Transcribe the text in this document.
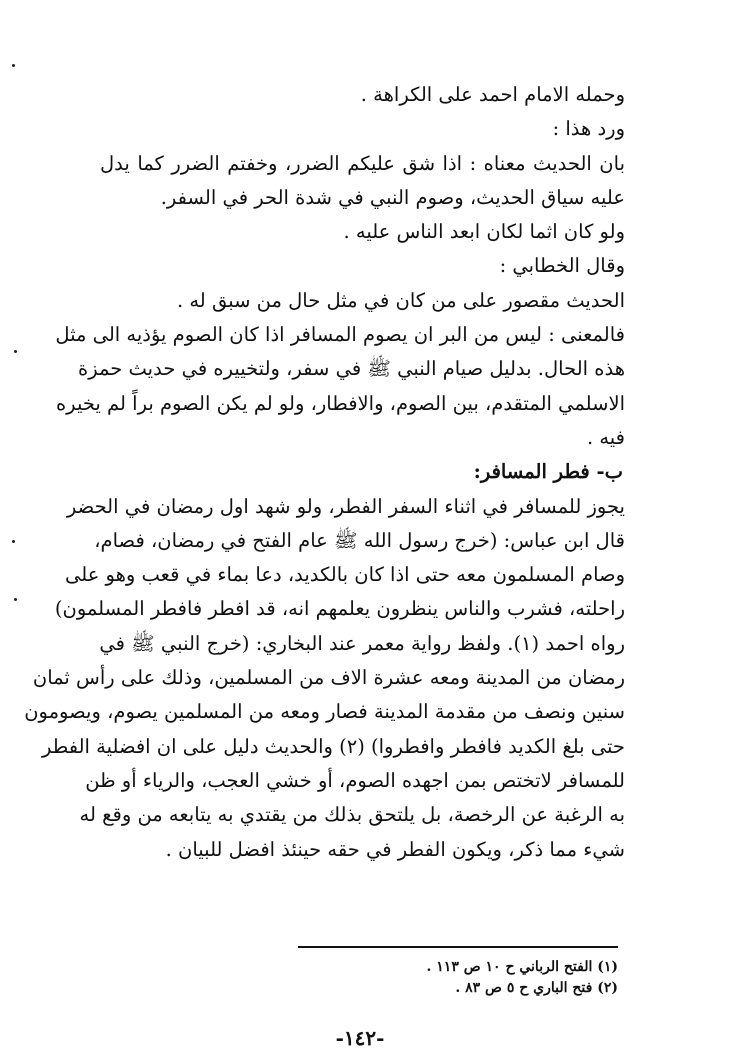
وحمله الامام احمد على الكراهة .
ورد هذا :
بان الحديث معناه : اذا شق عليكم الضرر، وخفتم الضرر كما يدل
عليه سياق الحديث، وصوم النبي في شدة الحر في السفر.
ولو كان اثما لكان ابعد الناس عليه .
وقال الخطابي :
الحديث مقصور على من كان في مثل حال من سبق له .
فالمعنى : ليس من البر ان يصوم المسافر اذا كان الصوم يؤذيه الى مثل
هذه الحال. بدليل صيام النبي ﷺ في سفر، ولتخييره في حديث حمزة
الاسلمي المتقدم، بين الصوم، والافطار، ولو لم يكن الصوم براً لم يخيره
فيه .
ب- فطر المسافر:
يجوز للمسافر في اثناء السفر الفطر، ولو شهد اول رمضان في الحضر
قال ابن عباس: (خرج رسول الله ﷺ عام الفتح في رمضان، فصام،
وصام المسلمون معه حتى اذا كان بالكديد، دعا بماء في قعب وهو على
راحلته، فشرب والناس ينظرون يعلمهم انه، قد افطر فافطر المسلمون)
رواه احمد (١). ولفظ رواية معمر عند البخاري: (خرج النبي ﷺ في
رمضان من المدينة ومعه عشرة الاف من المسلمين، وذلك على رأس ثمان
سنين ونصف من مقدمة المدينة فصار ومعه من المسلمين يصوم، ويصومون
حتى بلغ الكديد فافطر وافطروا) (٢) والحديث دليل على ان افضلية الفطر
للمسافر لاتختص بمن اجهده الصوم، أو خشي العجب، والرياء أو ظن
به الرغبة عن الرخصة، بل يلتحق بذلك من يقتدي به يتابعه من وقع له
شيء مما ذكر، ويكون الفطر في حقه حينئذ افضل للبيان .
(١) الفتح الرباني ح ١٠ ص ١١٣ .
(٢) فتح الباري ح ٥ ص ٨٣ .
-١٤٢-
